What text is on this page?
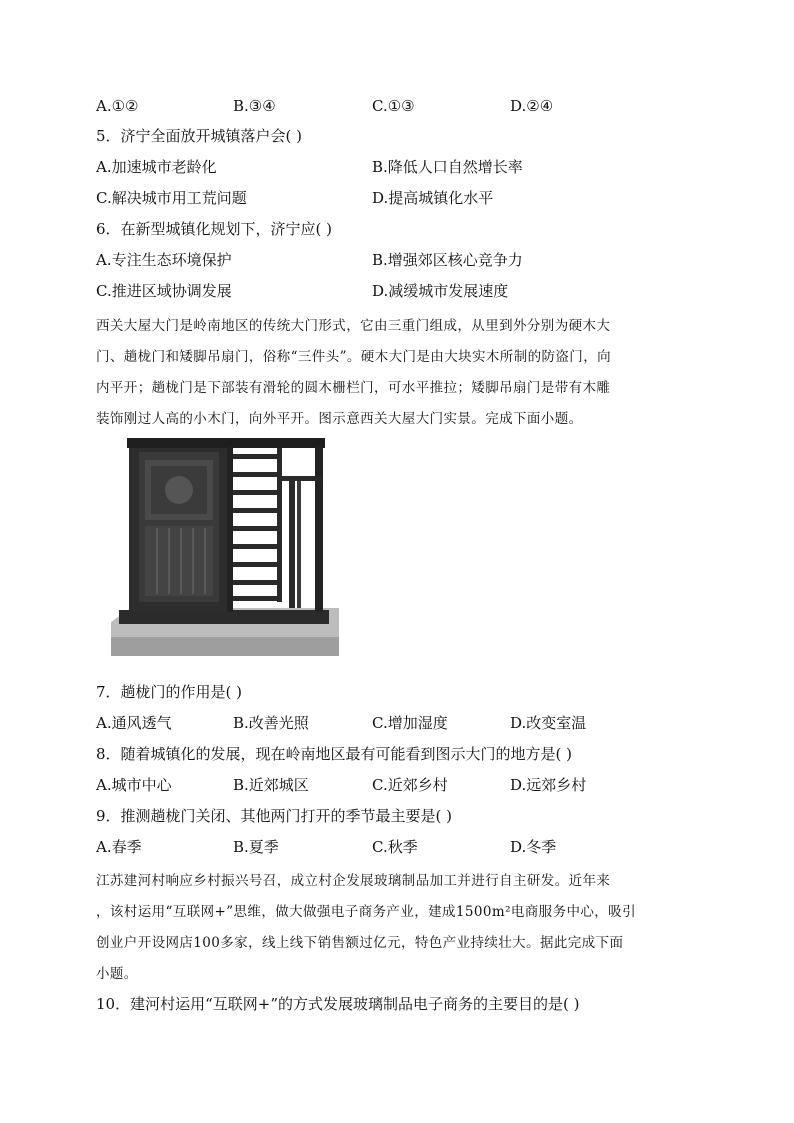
A.①②	B.③④	C.①③	D.②④
5．济宁全面放开城镇落户会( )
A.加速城市老龄化	B.降低人口自然增长率
C.解决城市用工荒问题	D.提高城镇化水平
6．在新型城镇化规划下，济宁应( )
A.专注生态环境保护	B.增强郊区核心竞争力
C.推进区域协调发展	D.减缓城市发展速度

西关大屋大门是岭南地区的传统大门形式，它由三重门组成，从里到外分别为硬木大

门、趟栊门和矮脚吊扇门，俗称“三件头”。硬木大门是由大块实木所制的防盗门，向

内平开；趟栊门是下部装有滑轮的圆木栅栏门，可水平推拉；矮脚吊扇门是带有木雕

装饰刚过人高的小木门，向外平开。图示意西关大屋大门实景。完成下面小题。

7．趟栊门的作用是( )
A.通风透气	B.改善光照	C.增加湿度	D.改变室温
8．随着城镇化的发展，现在岭南地区最有可能看到图示大门的地方是( )
A.城市中心	B.近郊城区	C.近郊乡村	D.远郊乡村
9．推测趟栊门关闭、其他两门打开的季节最主要是( )
A.春季	B.夏季	C.秋季	D.冬季

江苏建河村响应乡村振兴号召，成立村企发展玻璃制品加工并进行自主研发。近年来

，该村运用“互联网+”思维，做大做强电子商务产业，建成1500m²电商服务中心，吸引

创业户开设网店100多家，线上线下销售额过亿元，特色产业持续壮大。据此完成下面

小题。

10．建河村运用“互联网+”的方式发展玻璃制品电子商务的主要目的是( )
